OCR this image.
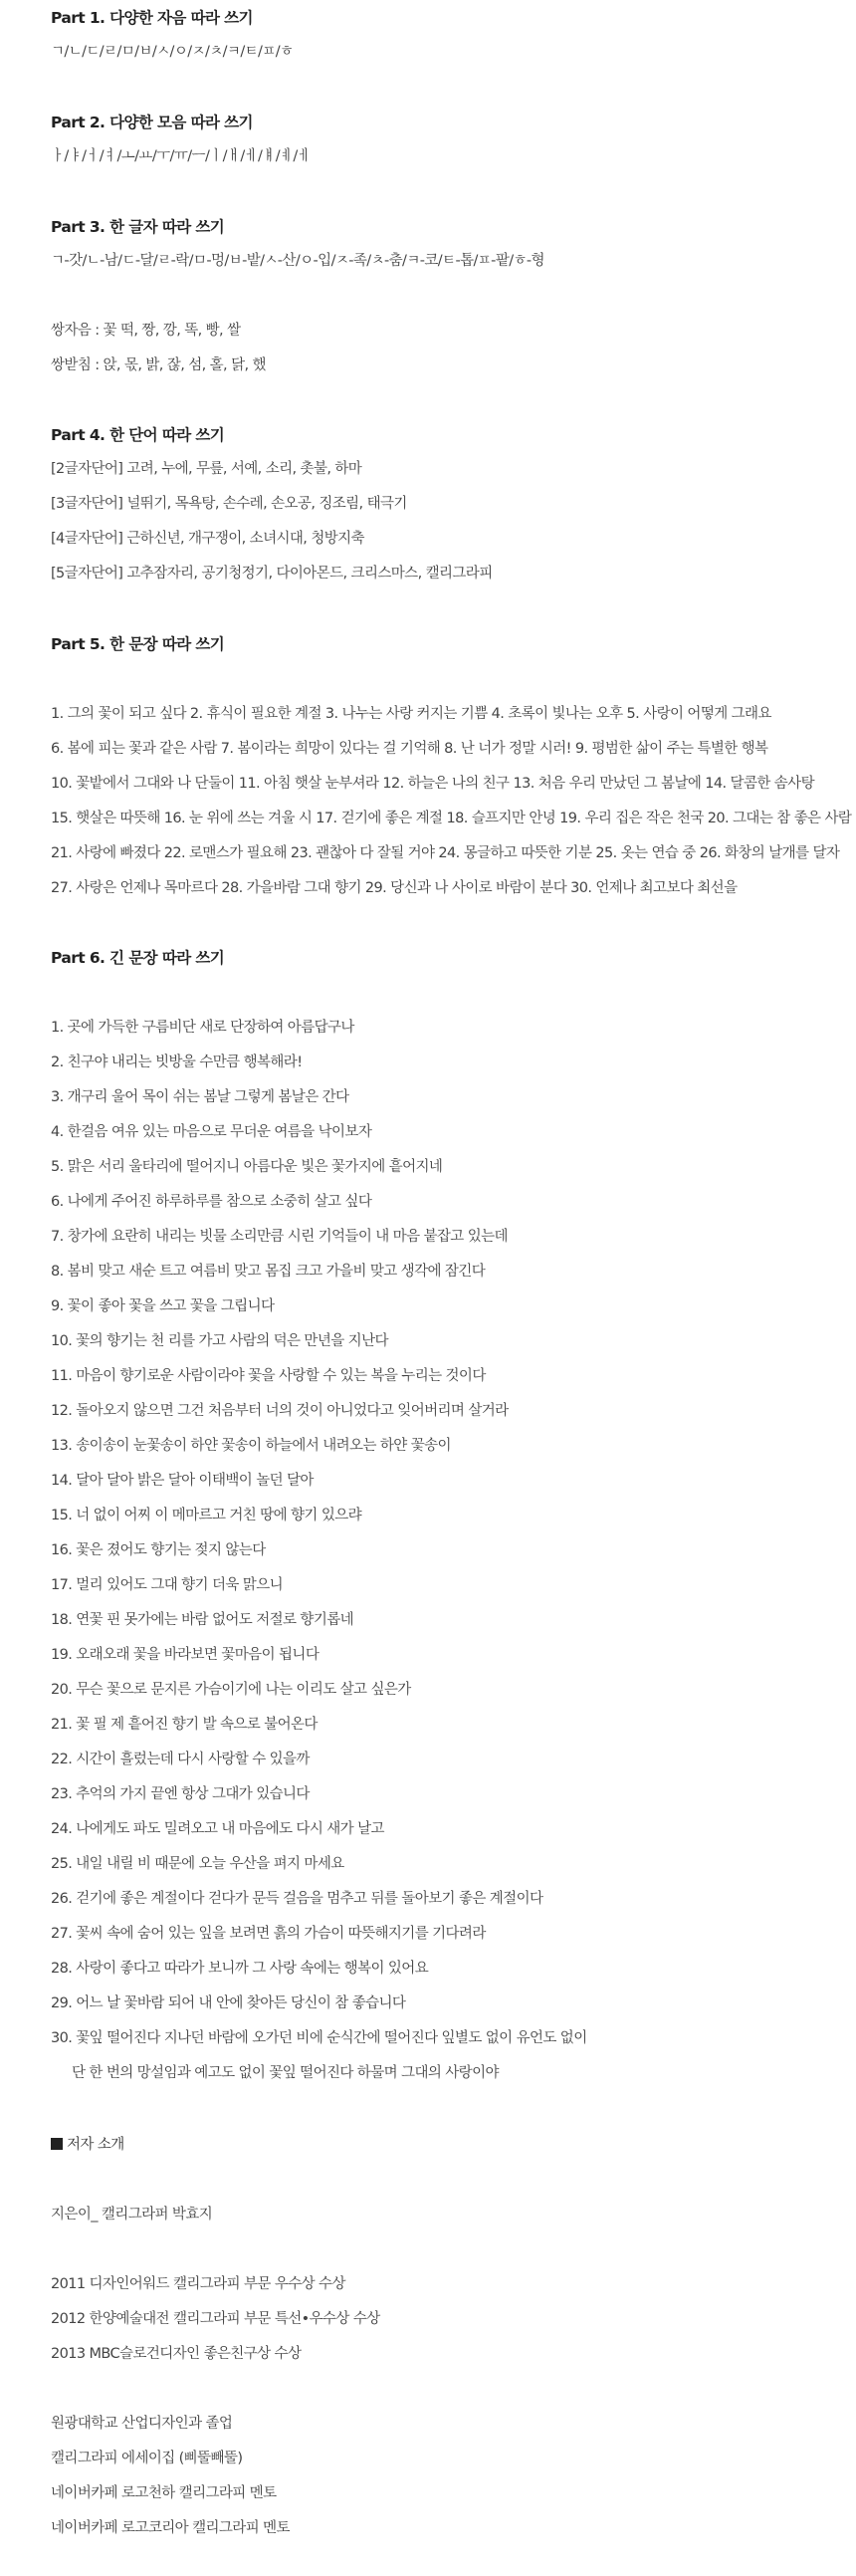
Part 1. 다양한 자음 따라 쓰기

ㄱ/ㄴ/ㄷ/ㄹ/ㅁ/ㅂ/ㅅ/ㅇ/ㅈ/ㅊ/ㅋ/ㅌ/ㅍ/ㅎ

Part 2. 다양한 모음 따라 쓰기

ㅏ/ㅑ/ㅓ/ㅕ/ㅗ/ㅛ/ㅜ/ㅠ/ㅡ/ㅣ/ㅐ/ㅔ/ㅒ/ㅖ/ㅔ

Part 3. 한 글자 따라 쓰기

ㄱ-갓/ㄴ-남/ㄷ-달/ㄹ-락/ㅁ-멍/ㅂ-밭/ㅅ-산/ㅇ-입/ㅈ-족/ㅊ-춤/ㅋ-코/ㅌ-톱/ㅍ-팥/ㅎ-형

쌍자음 : 꽃 떡, 짱, 깡, 똑, 빵, 쌀

쌍받침 : 앉, 몫, 밝, 잖, 섬, 홀, 닭, 했

Part 4. 한 단어 따라 쓰기

[2글자단어] 고려, 누에, 무릎, 서예, 소리, 촛불, 하마

[3글자단어] 널뛰기, 목욕탕, 손수레, 손오공, 징조림, 태극기

[4글자단어] 근하신년, 개구쟁이, 소녀시대, 청방지축

[5글자단어] 고추잠자리, 공기청정기, 다이아몬드, 크리스마스, 캘리그라피

Part 5. 한 문장 따라 쓰기

1. 그의 꽃이 되고 싶다 2. 휴식이 필요한 계절 3. 나누는 사랑 커지는 기쁨 4. 초록이 빛나는 오후 5. 사랑이 어떻게 그래요

6. 봄에 피는 꽃과 같은 사람 7. 봄이라는 희망이 있다는 걸 기억해 8. 난 너가 정말 시러! 9. 평범한 삶이 주는 특별한 행복

10. 꽃밭에서 그대와 나 단둘이 11. 아침 햇살 눈부셔라 12. 하늘은 나의 친구 13. 처음 우리 만났던 그 봄날에 14. 달콤한 솜사탕

15. 햇살은 따뜻해 16. 눈 위에 쓰는 겨울 시 17. 걷기에 좋은 계절 18. 슬프지만 안녕 19. 우리 집은 작은 천국 20. 그대는 참 좋은 사람

21. 사랑에 빠졌다 22. 로맨스가 필요해 23. 괜찮아 다 잘될 거야 24. 몽글하고 따뜻한 기분 25. 옷는 연습 중 26. 화창의 날개를 달자

27. 사랑은 언제나 목마르다 28. 가을바람 그대 향기 29. 당신과 나 사이로 바람이 분다 30. 언제나 최고보다 최선을

Part 6. 긴 문장 따라 쓰기

1. 곳에 가득한 구름비단 새로 단장하여 아름답구나

2. 친구야 내리는 빗방울 수만큼 행복해라!

3. 개구리 울어 목이 쉬는 봄날 그렇게 봄날은 간다

4. 한걸음 여유 있는 마음으로 무더운 여름을 낙이보자

5. 맑은 서리 울타리에 떨어지니 아름다운 빛은 꽃가지에 흩어지네

6. 나에게 주어진 하루하루를 참으로 소중히 살고 싶다

7. 창가에 요란히 내리는 빗물 소리만큼 시린 기억들이 내 마음 붙잡고 있는데

8. 봄비 맞고 새순 트고 여름비 맞고 몸집 크고 가을비 맞고 생각에 잠긴다

9. 꽃이 좋아 꽃을 쓰고 꽃을 그립니다

10. 꽃의 향기는 천 리를 가고 사람의 덕은 만년을 지난다

11. 마음이 향기로운 사람이라야 꽃을 사랑할 수 있는 복을 누리는 것이다

12. 돌아오지 않으면 그건 처음부터 너의 것이 아니었다고 잊어버리며 살거라

13. 송이송이 눈꽃송이 하얀 꽃송이 하늘에서 내려오는 하얀 꽃송이

14. 달아 달아 밝은 달아 이태백이 놀던 달아

15. 너 없이 어찌 이 메마르고 거친 땅에 향기 있으랴

16. 꽃은 졌어도 향기는 젖지 않는다

17. 멀리 있어도 그대 향기 더욱 맑으니

18. 연꽃 핀 못가에는 바람 없어도 저절로 향기롭네

19. 오래오래 꽃을 바라보면 꽃마음이 됩니다

20. 무슨 꽃으로 문지른 가슴이기에 나는 이리도 살고 싶은가

21. 꽃 필 제 흩어진 향기 발 속으로 불어온다

22. 시간이 흘렀는데 다시 사랑할 수 있을까

23. 추억의 가지 끝엔 항상 그대가 있습니다

24. 나에게도 파도 밀려오고 내 마음에도 다시 새가 날고

25. 내일 내릴 비 때문에 오늘 우산을 펴지 마세요

26. 걷기에 좋은 계절이다 걷다가 문득 걸음을 멈추고 뒤를 돌아보기 좋은 계절이다

27. 꽃씨 속에 숨어 있는 잎을 보려면 흙의 가슴이 따뜻해지기를 기다려라

28. 사랑이 좋다고 따라가 보니까 그 사랑 속에는 행복이 있어요

29. 어느 날 꽃바람 되어 내 안에 찾아든 당신이 참 좋습니다

30. 꽃잎 떨어진다 지나던 바람에 오가던 비에 순식간에 떨어진다 잎별도 없이 유언도 없이

단 한 번의 망설임과 예고도 없이 꽃잎 떨어진다 하물며 그대의 사랑이야

저자 소개

지은이_ 캘리그라퍼 박효지

2011 디자인어워드 캘리그라피 부문 우수상 수상

2012 한양예술대전 캘리그라피 부문 특선•우수상 수상

2013 MBC슬로건디자인 좋은친구상 수상

원광대학교 산업디자인과 졸업

캘리그라피 에세이집 (삐뚤빼뚤)

네이버카페 로고천하 캘리그라피 멘토

네이버카페 로고코리아 캘리그라피 멘토
